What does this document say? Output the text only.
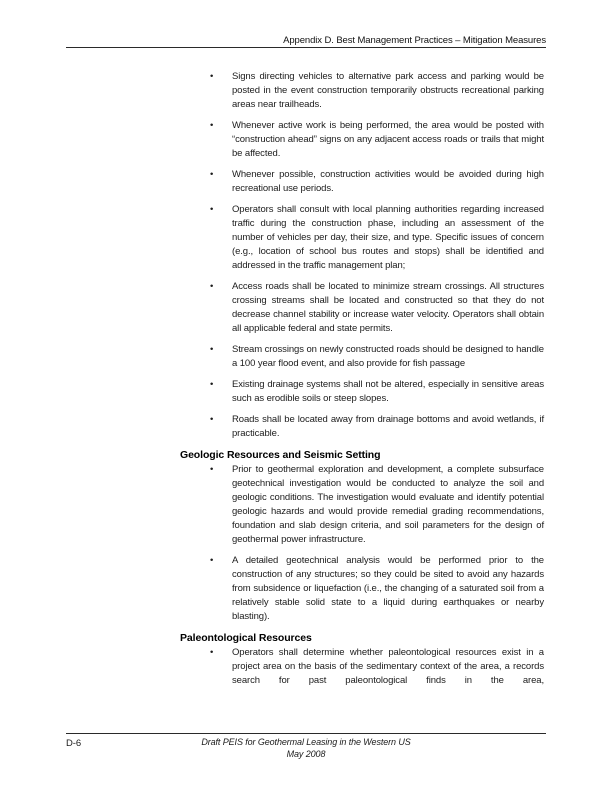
Appendix D. Best Management Practices – Mitigation Measures
•
Signs directing vehicles to alternative park access and parking would be posted in the event construction temporarily obstructs recreational parking areas near trailheads.
•
Whenever active work is being performed, the area would be posted with “construction ahead” signs on any adjacent access roads or trails that might be affected.
•
Whenever possible, construction activities would be avoided during high recreational use periods.
•
Operators shall consult with local planning authorities regarding increased traffic during the construction phase, including an assessment of the number of vehicles per day, their size, and type. Specific issues of concern (e.g., location of school bus routes and stops) shall be identified and addressed in the traffic management plan;
•
Access roads shall be located to minimize stream crossings. All structures crossing streams shall be located and constructed so that they do not decrease channel stability or increase water velocity. Operators shall obtain all applicable federal and state permits.
•
Stream crossings on newly constructed roads should be designed to handle a 100 year flood event, and also provide for fish passage
•
Existing drainage systems shall not be altered, especially in sensitive areas such as erodible soils or steep slopes.
•
Roads shall be located away from drainage bottoms and avoid wetlands, if practicable.
Geologic Resources and Seismic Setting
•
Prior to geothermal exploration and development, a complete subsurface geotechnical investigation would be conducted to analyze the soil and geologic conditions. The investigation would evaluate and identify potential geologic hazards and would provide remedial grading recommendations, foundation and slab design criteria, and soil parameters for the design of geothermal power infrastructure.
•
A detailed geotechnical analysis would be performed prior to the construction of any structures; so they could be sited to avoid any hazards from subsidence or liquefaction (i.e., the changing of a saturated soil from a relatively stable solid state to a liquid during earthquakes or nearby blasting).
Paleontological Resources
•
Operators shall determine whether paleontological resources exist in a project area on the basis of the sedimentary context of the area, a records search for past paleontological finds in the area,
D-6	Draft PEIS for Geothermal Leasing in the Western US
May 2008
